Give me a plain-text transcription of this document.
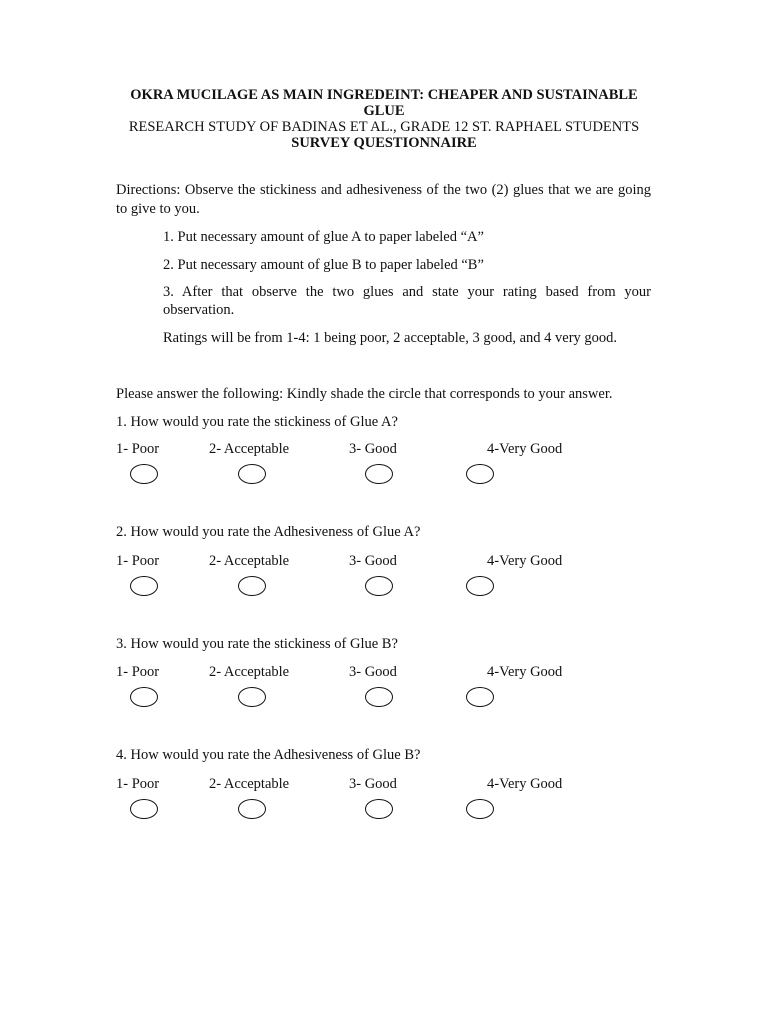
OKRA MUCILAGE AS MAIN INGREDEINT: CHEAPER AND SUSTAINABLE
GLUE
RESEARCH STUDY OF BADINAS ET AL., GRADE 12 ST. RAPHAEL STUDENTS
SURVEY QUESTIONNAIRE
Directions: Observe the stickiness and adhesiveness of the two (2) glues that we are going to give to you.
1. Put necessary amount of glue A to paper labeled “A”
2. Put necessary amount of glue B to paper labeled “B”
3. After that observe the two glues and state your rating based from your observation.
Ratings will be from 1-4: 1 being poor, 2 acceptable, 3 good, and 4 very good.
Please answer the following: Kindly shade the circle that corresponds to your answer.
1. How would you rate the stickiness of Glue A?
1- Poor	2- Acceptable	3- Good	4-Very Good
2. How would you rate the Adhesiveness of Glue A?
1- Poor	2- Acceptable	3- Good	4-Very Good
3. How would you rate the stickiness of Glue B?
1- Poor	2- Acceptable	3- Good	4-Very Good
4. How would you rate the Adhesiveness of Glue B?
1- Poor	2- Acceptable	3- Good	4-Very Good
